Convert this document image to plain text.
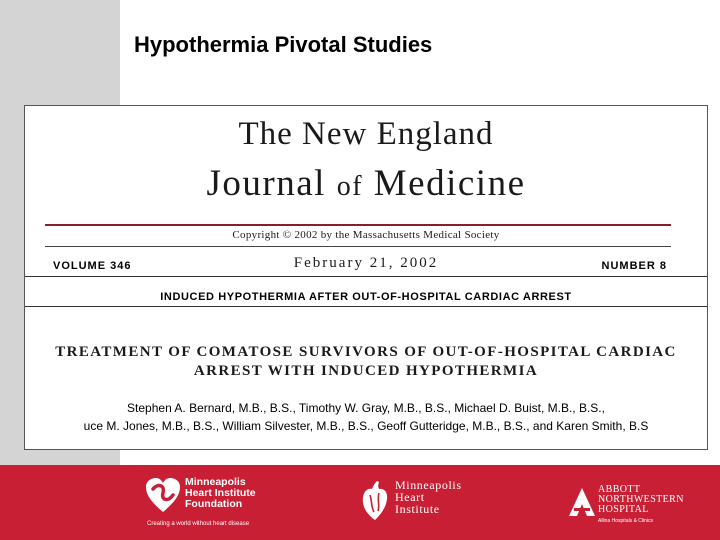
Hypothermia Pivotal Studies
The New England
Journal of Medicine
Copyright © 2002 by the Massachusetts Medical Society
VOLUME 346	February 21, 2002	NUMBER 8
INDUCED HYPOTHERMIA AFTER OUT-OF-HOSPITAL CARDIAC ARREST
TREATMENT OF COMATOSE SURVIVORS OF OUT-OF-HOSPITAL CARDIAC
ARREST WITH INDUCED HYPOTHERMIA
Stephen A. Bernard, M.B., B.S., Timothy W. Gray, M.B., B.S., Michael D. Buist, M.B., B.S.,
uce M. Jones, M.B., B.S., William Silvester, M.B., B.S., Geoff Gutteridge, M.B., B.S., and Karen Smith, B.S
Minneapolis
Heart Institute
Foundation
Creating a world without heart disease
Minneapolis
Heart
Institute
ABBOTT
NORTHWESTERN
HOSPITAL
Allina Hospitals & Clinics
